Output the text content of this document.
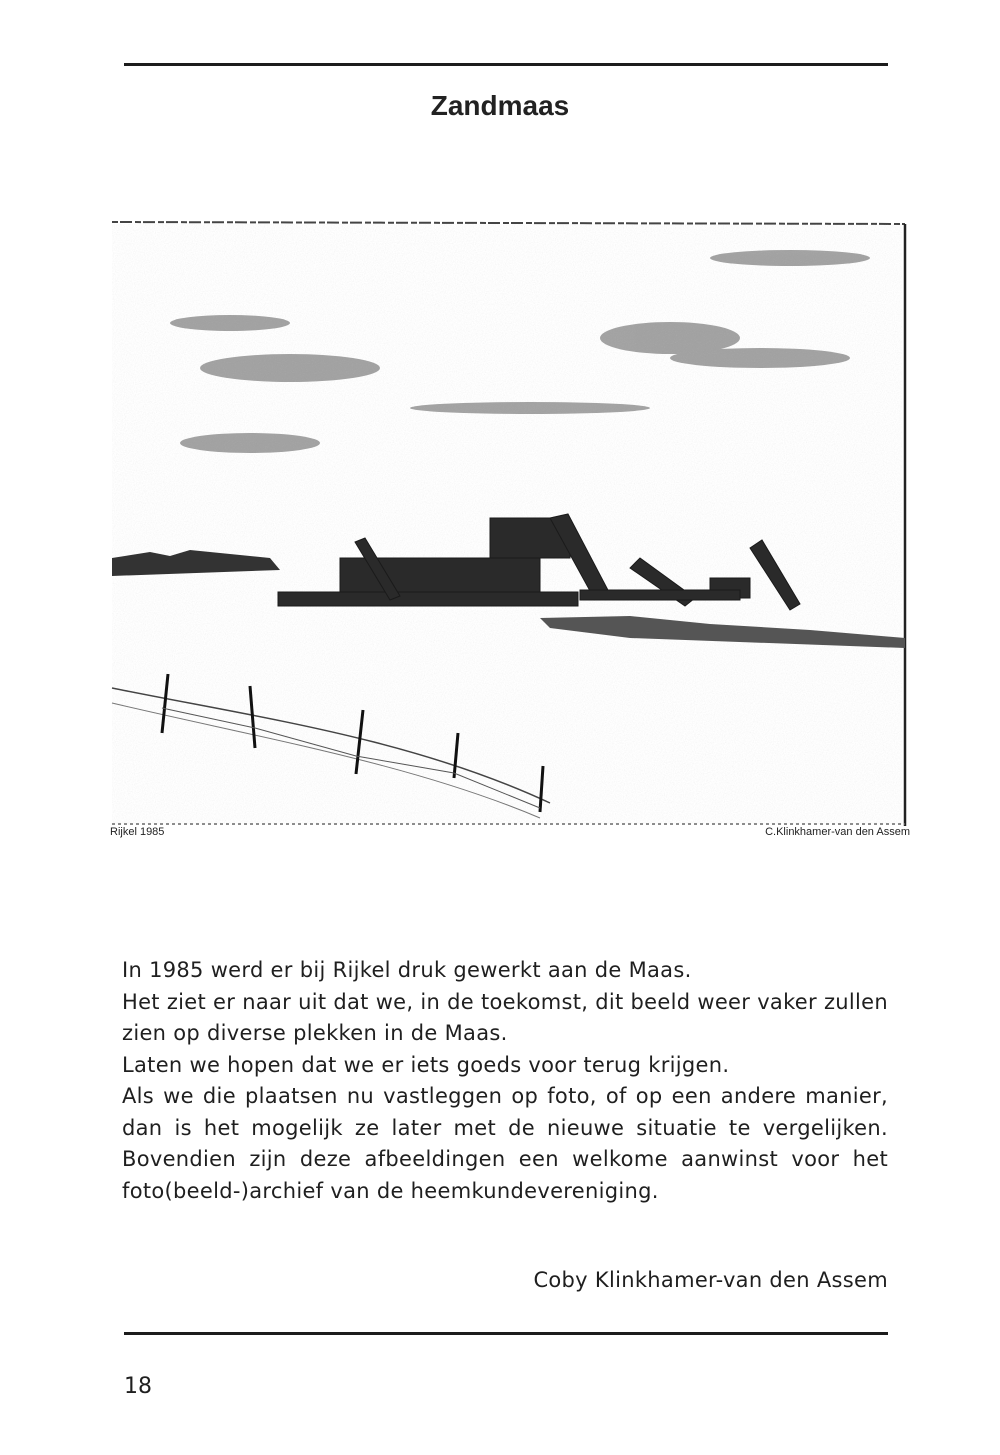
Zandmaas
Rijkel 1985	C.Klinkhamer-van den Assem

In 1985 werd er bij Rijkel druk gewerkt aan de Maas.

Het ziet er naar uit dat we, in de toekomst, dit beeld weer vaker zullen zien op diverse plekken in de Maas.

Laten we hopen dat we er iets goeds voor terug krijgen.

Als we die plaatsen nu vastleggen op foto, of op een andere manier, dan is het mogelijk ze later met de nieuwe situatie te vergelijken. Bovendien zijn deze afbeeldingen een welkome aanwinst voor het foto(beeld-)archief van de heemkundevereniging.

Coby Klinkhamer-van den Assem
18
